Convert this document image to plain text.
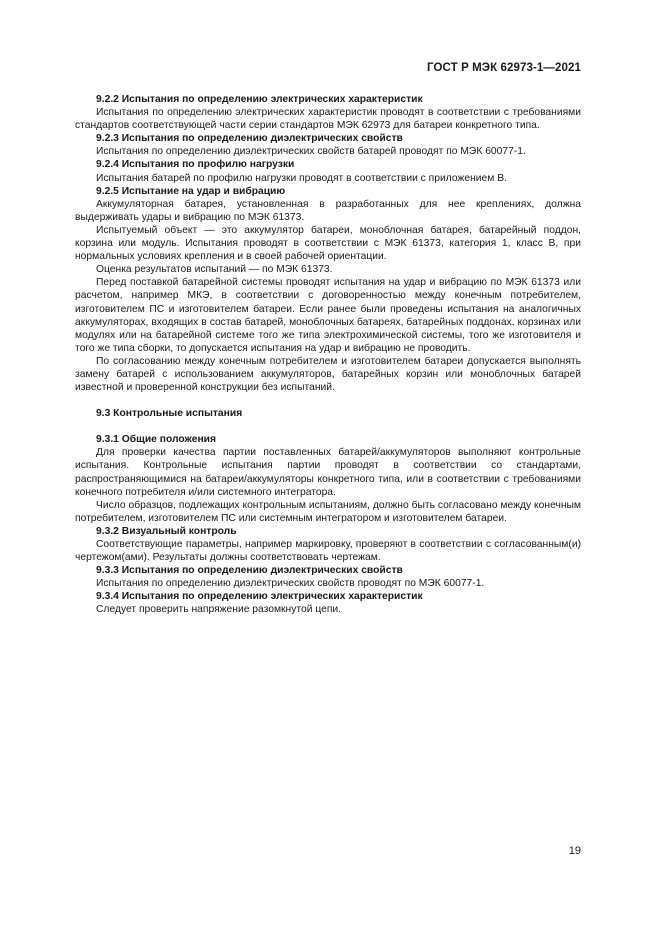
ГОСТ Р МЭК 62973-1—2021

9.2.2 Испытания по определению электрических характеристик

Испытания по определению электрических характеристик проводят в соответствии с требованиями стандартов соответствующей части серии стандартов МЭК 62973 для батареи конкретного типа.

9.2.3 Испытания по определению диэлектрических свойств

Испытания по определению диэлектрических свойств батарей проводят по МЭК 60077-1.

9.2.4 Испытания по профилю нагрузки

Испытания батарей по профилю нагрузки проводят в соответствии с приложением В.

9.2.5 Испытание на удар и вибрацию

Аккумуляторная батарея, установленная в разработанных для нее креплениях, должна выдерживать удары и вибрацию по МЭК 61373.

Испытуемый объект — это аккумулятор батареи, моноблочная батарея, батарейный поддон, корзина или модуль. Испытания проводят в соответствии с МЭК 61373, категория 1, класс В, при нормальных условиях крепления и в своей рабочей ориентации.

Оценка результатов испытаний — по МЭК 61373.

Перед поставкой батарейной системы проводят испытания на удар и вибрацию по МЭК 61373 или расчетом, например МКЭ, в соответствии с договоренностью между конечным потребителем, изготовителем ПС и изготовителем батареи. Если ранее были проведены испытания на аналогичных аккумуляторах, входящих в состав батарей, моноблочных батареях, батарейных поддонах, корзинах или модулях или на батарейной системе того же типа электрохимической системы, того же изготовителя и того же типа сборки, то допускается испытания на удар и вибрацию не проводить.

По согласованию между конечным потребителем и изготовителем батареи допускается выполнять замену батарей с использованием аккумуляторов, батарейных корзин или моноблочных батарей известной и проверенной конструкции без испытаний.

9.3 Контрольные испытания

9.3.1 Общие положения

Для проверки качества партии поставленных батарей/аккумуляторов выполняют контрольные испытания. Контрольные испытания партии проводят в соответствии со стандартами, распространяющимися на батареи/аккумуляторы конкретного типа, или в соответствии с требованиями конечного потребителя и/или системного интегратора.

Число образцов, подлежащих контрольным испытаниям, должно быть согласовано между конечным потребителем, изготовителем ПС или системным интегратором и изготовителем батареи.

9.3.2 Визуальный контроль

Соответствующие параметры, например маркировку, проверяют в соответствии с согласованным(и) чертежом(ами). Результаты должны соответствовать чертежам.

9.3.3 Испытания по определению диэлектрических свойств

Испытания по определению диэлектрических свойств проводят по МЭК 60077-1.

9.3.4 Испытания по определению электрических характеристик

Следует проверить напряжение разомкнутой цепи.

19
